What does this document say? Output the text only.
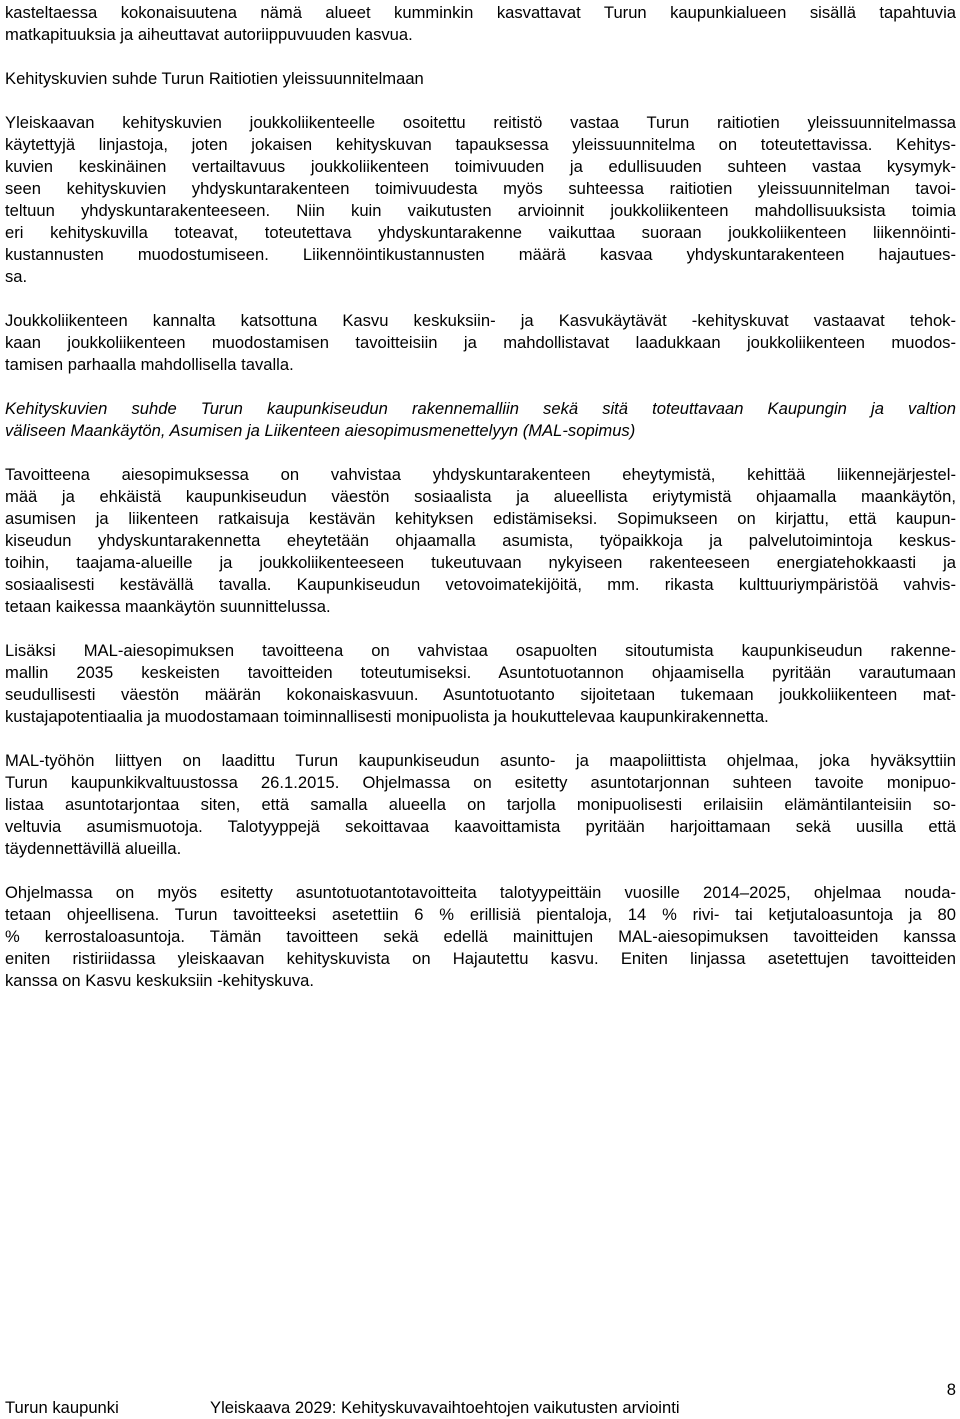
kasteltaessa kokonaisuutena nämä alueet kumminkin kasvattavat Turun kaupunkialueen sisällä tapahtuvia
matkapituuksia ja aiheuttavat autoriippuvuuden kasvua.
Kehityskuvien suhde Turun Raitiotien yleissuunnitelmaan
Yleiskaavan kehityskuvien joukkoliikenteelle osoitettu reitistö vastaa Turun raitiotien yleissuunnitelmassa
käytettyjä linjastoja, joten jokaisen kehityskuvan tapauksessa yleissuunnitelma on toteutettavissa. Kehitys-
kuvien keskinäinen vertailtavuus joukkoliikenteen toimivuuden ja edullisuuden suhteen vastaa kysymyk-
seen kehityskuvien yhdyskuntarakenteen toimivuudesta myös suhteessa raitiotien yleissuunnitelman tavoi-
teltuun yhdyskuntarakenteeseen. Niin kuin vaikutusten arvioinnit joukkoliikenteen mahdollisuuksista toimia
eri kehityskuvilla toteavat, toteutettava yhdyskuntarakenne vaikuttaa suoraan joukkoliikenteen liikennöinti-
kustannusten muodostumiseen. Liikennöintikustannusten määrä kasvaa yhdyskuntarakenteen hajautues-
sa.
Joukkoliikenteen kannalta katsottuna Kasvu keskuksiin- ja Kasvukäytävät -kehityskuvat vastaavat tehok-
kaan joukkoliikenteen muodostamisen tavoitteisiin ja mahdollistavat laadukkaan joukkoliikenteen muodos-
tamisen parhaalla mahdollisella tavalla.
Kehityskuvien suhde Turun kaupunkiseudun rakennemalliin sekä sitä toteuttavaan Kaupungin ja valtion
väliseen Maankäytön, Asumisen ja Liikenteen aiesopimusmenettelyyn (MAL-sopimus)
Tavoitteena aiesopimuksessa on vahvistaa yhdyskuntarakenteen eheytymistä, kehittää liikennejärjestel-
mää ja ehkäistä kaupunkiseudun väestön sosiaalista ja alueellista eriytymistä ohjaamalla maankäytön,
asumisen ja liikenteen ratkaisuja kestävän kehityksen edistämiseksi. Sopimukseen on kirjattu, että kaupun-
kiseudun yhdyskuntarakennetta eheytetään ohjaamalla asumista, työpaikkoja ja palvelutoimintoja keskus-
toihin, taajama-alueille ja joukkoliikenteeseen tukeutuvaan nykyiseen rakenteeseen energiatehokkaasti ja
sosiaalisesti kestävällä tavalla. Kaupunkiseudun vetovoimatekijöitä, mm. rikasta kulttuuriympäristöä vahvis-
tetaan kaikessa maankäytön suunnittelussa.
Lisäksi MAL-aiesopimuksen tavoitteena on vahvistaa osapuolten sitoutumista kaupunkiseudun rakenne-
mallin 2035 keskeisten tavoitteiden toteutumiseksi. Asuntotuotannon ohjaamisella pyritään varautumaan
seudullisesti väestön määrän kokonaiskasvuun. Asuntotuotanto sijoitetaan tukemaan joukkoliikenteen mat-
kustajapotentiaalia ja muodostamaan toiminnallisesti monipuolista ja houkuttelevaa kaupunkirakennetta.
MAL-työhön liittyen on laadittu Turun kaupunkiseudun asunto- ja maapoliittista ohjelmaa, joka hyväksyttiin
Turun kaupunkikvaltuustossa 26.1.2015. Ohjelmassa on esitetty asuntotarjonnan suhteen tavoite monipuo-
listaa asuntotarjontaa siten, että samalla alueella on tarjolla monipuolisesti erilaisiin elämäntilanteisiin so-
veltuvia asumismuotoja. Talotyyppejä sekoittavaa kaavoittamista pyritään harjoittamaan sekä uusilla että
täydennettävillä alueilla.
Ohjelmassa on myös esitetty asuntotuotantotavoitteita talotyypeittäin vuosille 2014–2025, ohjelmaa nouda-
tetaan ohjeellisena. Turun tavoitteeksi asetettiin 6 % erillisiä pientaloja, 14 % rivi- tai ketjutaloasuntoja ja 80
% kerrostaloasuntoja. Tämän tavoitteen sekä edellä mainittujen MAL-aiesopimuksen tavoitteiden kanssa
eniten ristiriidassa yleiskaavan kehityskuvista on Hajautettu kasvu. Eniten linjassa asetettujen tavoitteiden
kanssa on Kasvu keskuksiin -kehityskuva.
Turun kaupunki	Yleiskaava 2029: Kehityskuvavaihtoehtojen vaikutusten arviointi
8
